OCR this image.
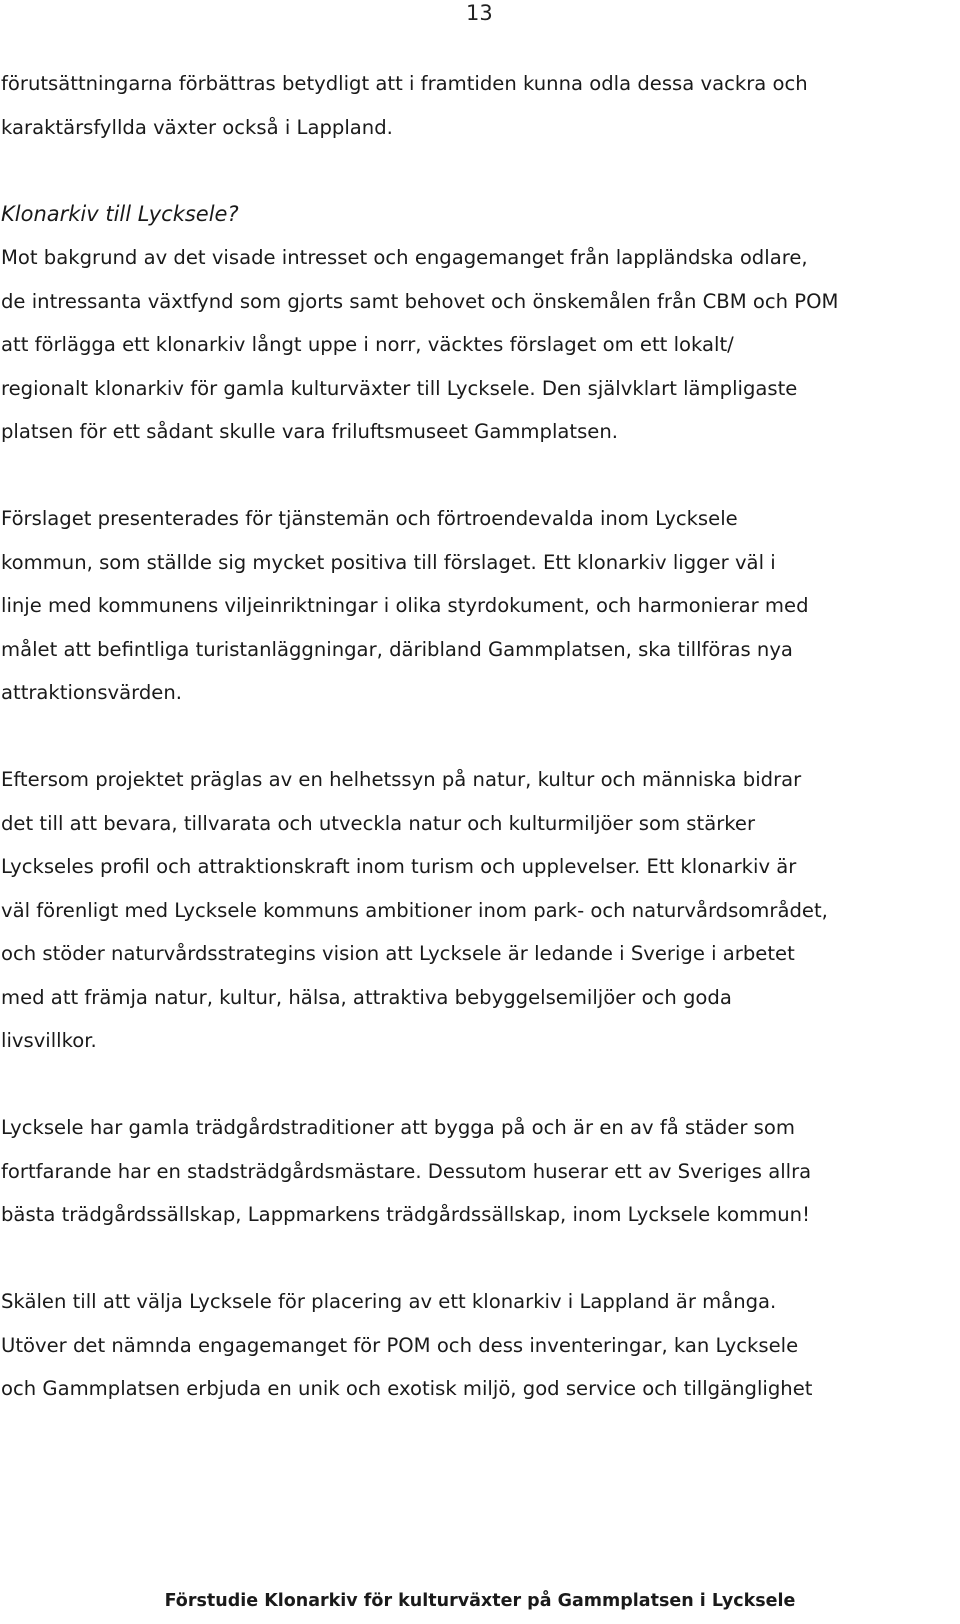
13

förutsättningarna förbättras betydligt att i framtiden kunna odla dessa vackra och

karaktärsfyllda växter också i Lappland.

Klonarkiv till Lycksele?

Mot bakgrund av det visade intresset och engagemanget från lappländska odlare,

de intressanta växtfynd som gjorts samt behovet och önskemålen från CBM och POM

att förlägga ett klonarkiv långt uppe i norr, väcktes förslaget om ett lokalt/

regionalt klonarkiv för gamla kulturväxter till Lycksele. Den självklart lämpligaste

platsen för ett sådant skulle vara friluftsmuseet Gammplatsen.

Förslaget presenterades för tjänstemän och förtroendevalda inom Lycksele

kommun, som ställde sig mycket positiva till förslaget. Ett klonarkiv ligger väl i

linje med kommunens viljeinriktningar i olika styrdokument, och harmonierar med

målet att befintliga turistanläggningar, däribland Gammplatsen, ska tillföras nya

attraktionsvärden.

Eftersom projektet präglas av en helhetssyn på natur, kultur och människa bidrar

det till att bevara, tillvarata och utveckla natur och kulturmiljöer som stärker

Lyckseles profil och attraktionskraft inom turism och upplevelser. Ett klonarkiv är

väl förenligt med Lycksele kommuns ambitioner inom park- och naturvårdsområdet,

och stöder naturvårdsstrategins vision att Lycksele är ledande i Sverige i arbetet

med att främja natur, kultur, hälsa, attraktiva bebyggelsemiljöer och goda

livsvillkor.

Lycksele har gamla trädgårdstraditioner att bygga på och är en av få städer som

fortfarande har en stadsträdgårdsmästare. Dessutom huserar ett av Sveriges allra

bästa trädgårdssällskap, Lappmarkens trädgårdssällskap, inom Lycksele kommun!

Skälen till att välja Lycksele för placering av ett klonarkiv i Lappland är många.

Utöver det nämnda engagemanget för POM och dess inventeringar, kan Lycksele

och Gammplatsen erbjuda en unik och exotisk miljö, god service och tillgänglighet

Förstudie Klonarkiv för kulturväxter på Gammplatsen i Lycksele
